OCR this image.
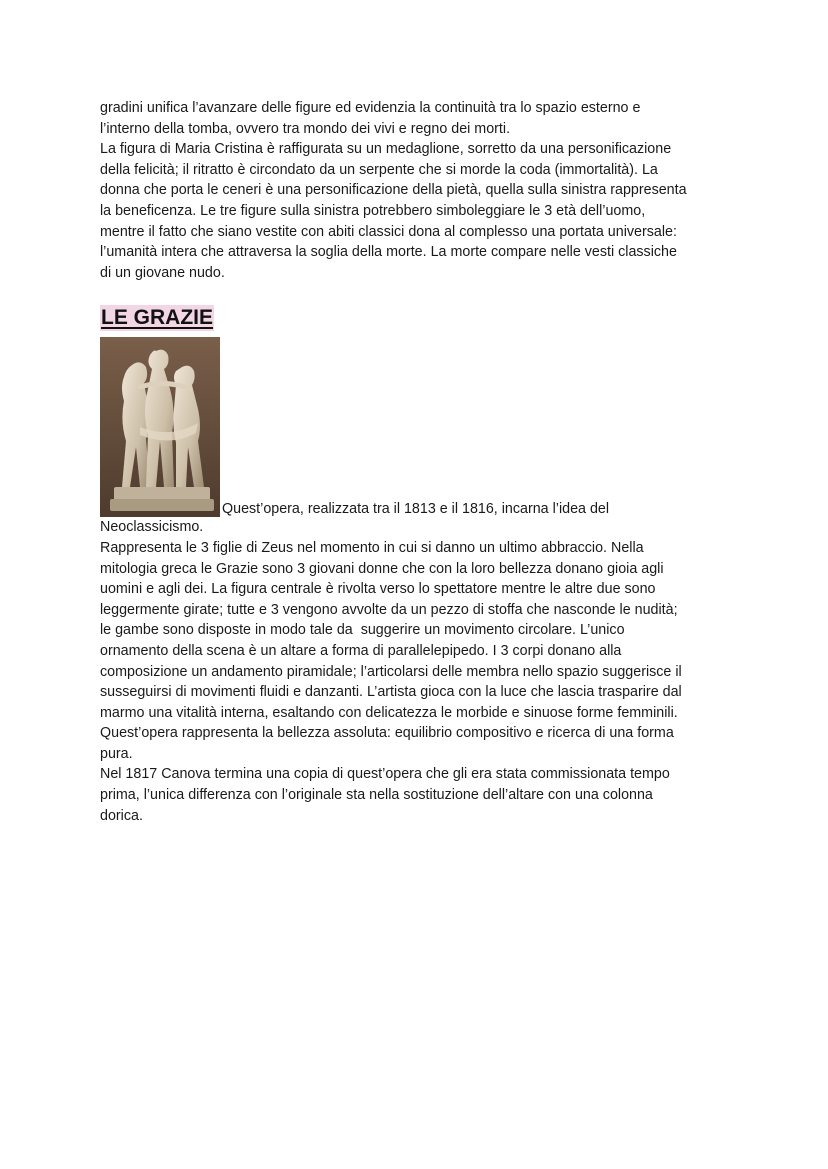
gradini unifica l’avanzare delle figure ed evidenzia la continuità tra lo spazio esterno e

l’interno della tomba, ovvero tra mondo dei vivi e regno dei morti.

La figura di Maria Cristina è raffigurata su un medaglione, sorretto da una personificazione

della felicità; il ritratto è circondato da un serpente che si morde la coda (immortalità). La

donna che porta le ceneri è una personificazione della pietà, quella sulla sinistra rappresenta

la beneficenza. Le tre figure sulla sinistra potrebbero simboleggiare le 3 età dell’uomo,

mentre il fatto che siano vestite con abiti classici dona al complesso una portata universale:

l’umanità intera che attraversa la soglia della morte. La morte compare nelle vesti classiche

di un giovane nudo.

LE GRAZIE
Quest’opera, realizzata tra il 1813 e il 1816, incarna l’idea del

Neoclassicismo.

Rappresenta le 3 figlie di Zeus nel momento in cui si danno un ultimo abbraccio. Nella

mitologia greca le Grazie sono 3 giovani donne che con la loro bellezza donano gioia agli

uomini e agli dei. La figura centrale è rivolta verso lo spettatore mentre le altre due sono

leggermente girate; tutte e 3 vengono avvolte da un pezzo di stoffa che nasconde le nudità;

le gambe sono disposte in modo tale da  suggerire un movimento circolare. L’unico

ornamento della scena è un altare a forma di parallelepipedo. I 3 corpi donano alla

composizione un andamento piramidale; l’articolarsi delle membra nello spazio suggerisce il

susseguirsi di movimenti fluidi e danzanti. L’artista gioca con la luce che lascia trasparire dal

marmo una vitalità interna, esaltando con delicatezza le morbide e sinuose forme femminili.

Quest’opera rappresenta la bellezza assoluta: equilibrio compositivo e ricerca di una forma

pura.

Nel 1817 Canova termina una copia di quest’opera che gli era stata commissionata tempo

prima, l’unica differenza con l’originale sta nella sostituzione dell’altare con una colonna

dorica.
